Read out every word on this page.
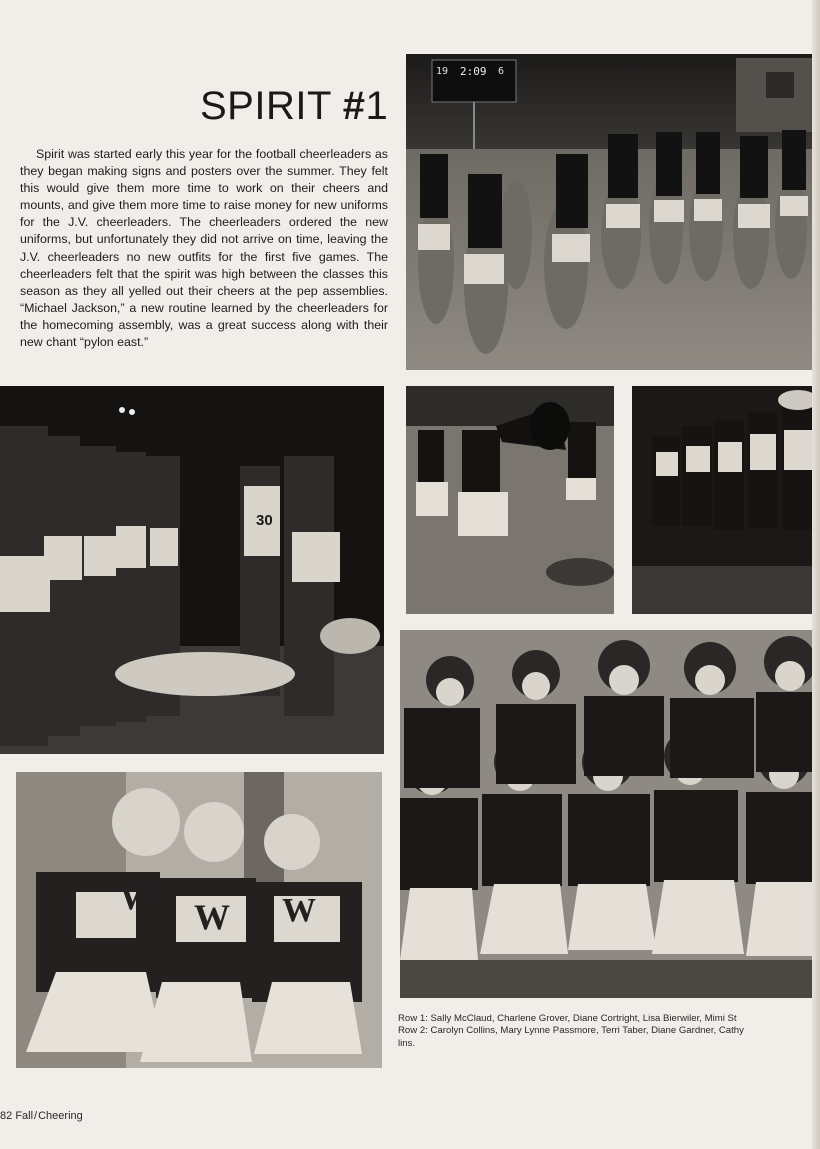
SPIRIT #1

Spirit was started early this year for the football cheerleaders as they began making signs and posters over the summer. They felt this would give them more time to work on their cheers and mounts, and give them more time to raise money for new uniforms for the J.V. cheerleaders. The cheerleaders ordered the new uniforms, but unfortunately they did not arrive on time, leaving the J.V. cheerleaders no new outfits for the first five games. The cheerleaders felt that the spirit was high between the classes this season as they all yelled out their cheers at the pep assemblies. “Michael Jackson,” a new routine learned by the cheerleaders for the homecoming assembly, was a great success along with their new chant “pylon east.”

19 2:09 6
30
W W W
Row 1: Sally McClaud, Charlene Grover, Diane Cortright, Lisa Bierwiler, Mimi St
Row 2: Carolyn Collins, Mary Lynne Passmore, Terri Taber, Diane Gardner, Cathy
lins.
82 Fall/Cheering
